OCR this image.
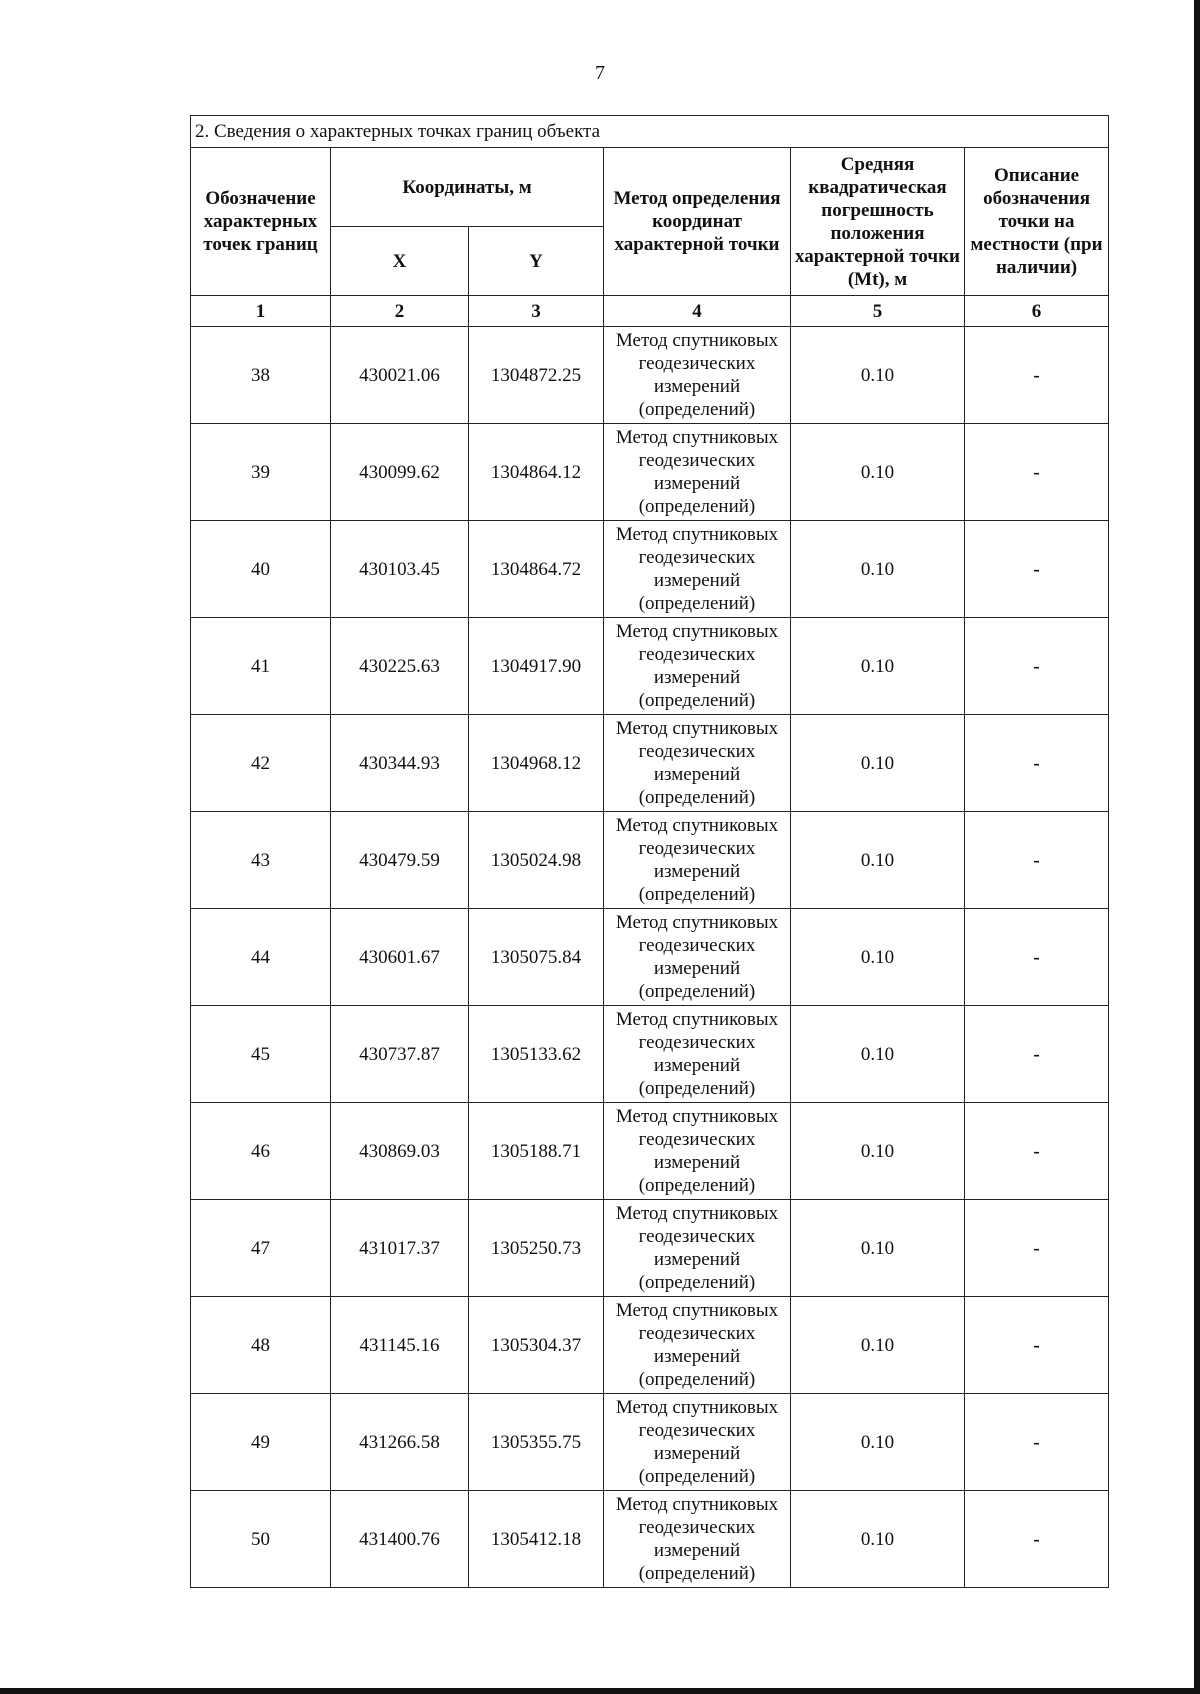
7
2. Сведения о характерных точках границ объекта					
Обозначение характерных точек границ	Координаты, м		Метод определения координат характерной точки	Средняя квадратическая погрешность положения характерной точки (Mt), м	Описание обозначения точки на местности (при наличии)
	X	Y			
1	2	3	4	5	6
38	430021.06	1304872.25	Метод спутниковых геодезических измерений (определений)	0.10	-
39	430099.62	1304864.12	Метод спутниковых геодезических измерений (определений)	0.10	-
40	430103.45	1304864.72	Метод спутниковых геодезических измерений (определений)	0.10	-
41	430225.63	1304917.90	Метод спутниковых геодезических измерений (определений)	0.10	-
42	430344.93	1304968.12	Метод спутниковых геодезических измерений (определений)	0.10	-
43	430479.59	1305024.98	Метод спутниковых геодезических измерений (определений)	0.10	-
44	430601.67	1305075.84	Метод спутниковых геодезических измерений (определений)	0.10	-
45	430737.87	1305133.62	Метод спутниковых геодезических измерений (определений)	0.10	-
46	430869.03	1305188.71	Метод спутниковых геодезических измерений (определений)	0.10	-
47	431017.37	1305250.73	Метод спутниковых геодезических измерений (определений)	0.10	-
48	431145.16	1305304.37	Метод спутниковых геодезических измерений (определений)	0.10	-
49	431266.58	1305355.75	Метод спутниковых геодезических измерений (определений)	0.10	-
50	431400.76	1305412.18	Метод спутниковых геодезических измерений (определений)	0.10	-
